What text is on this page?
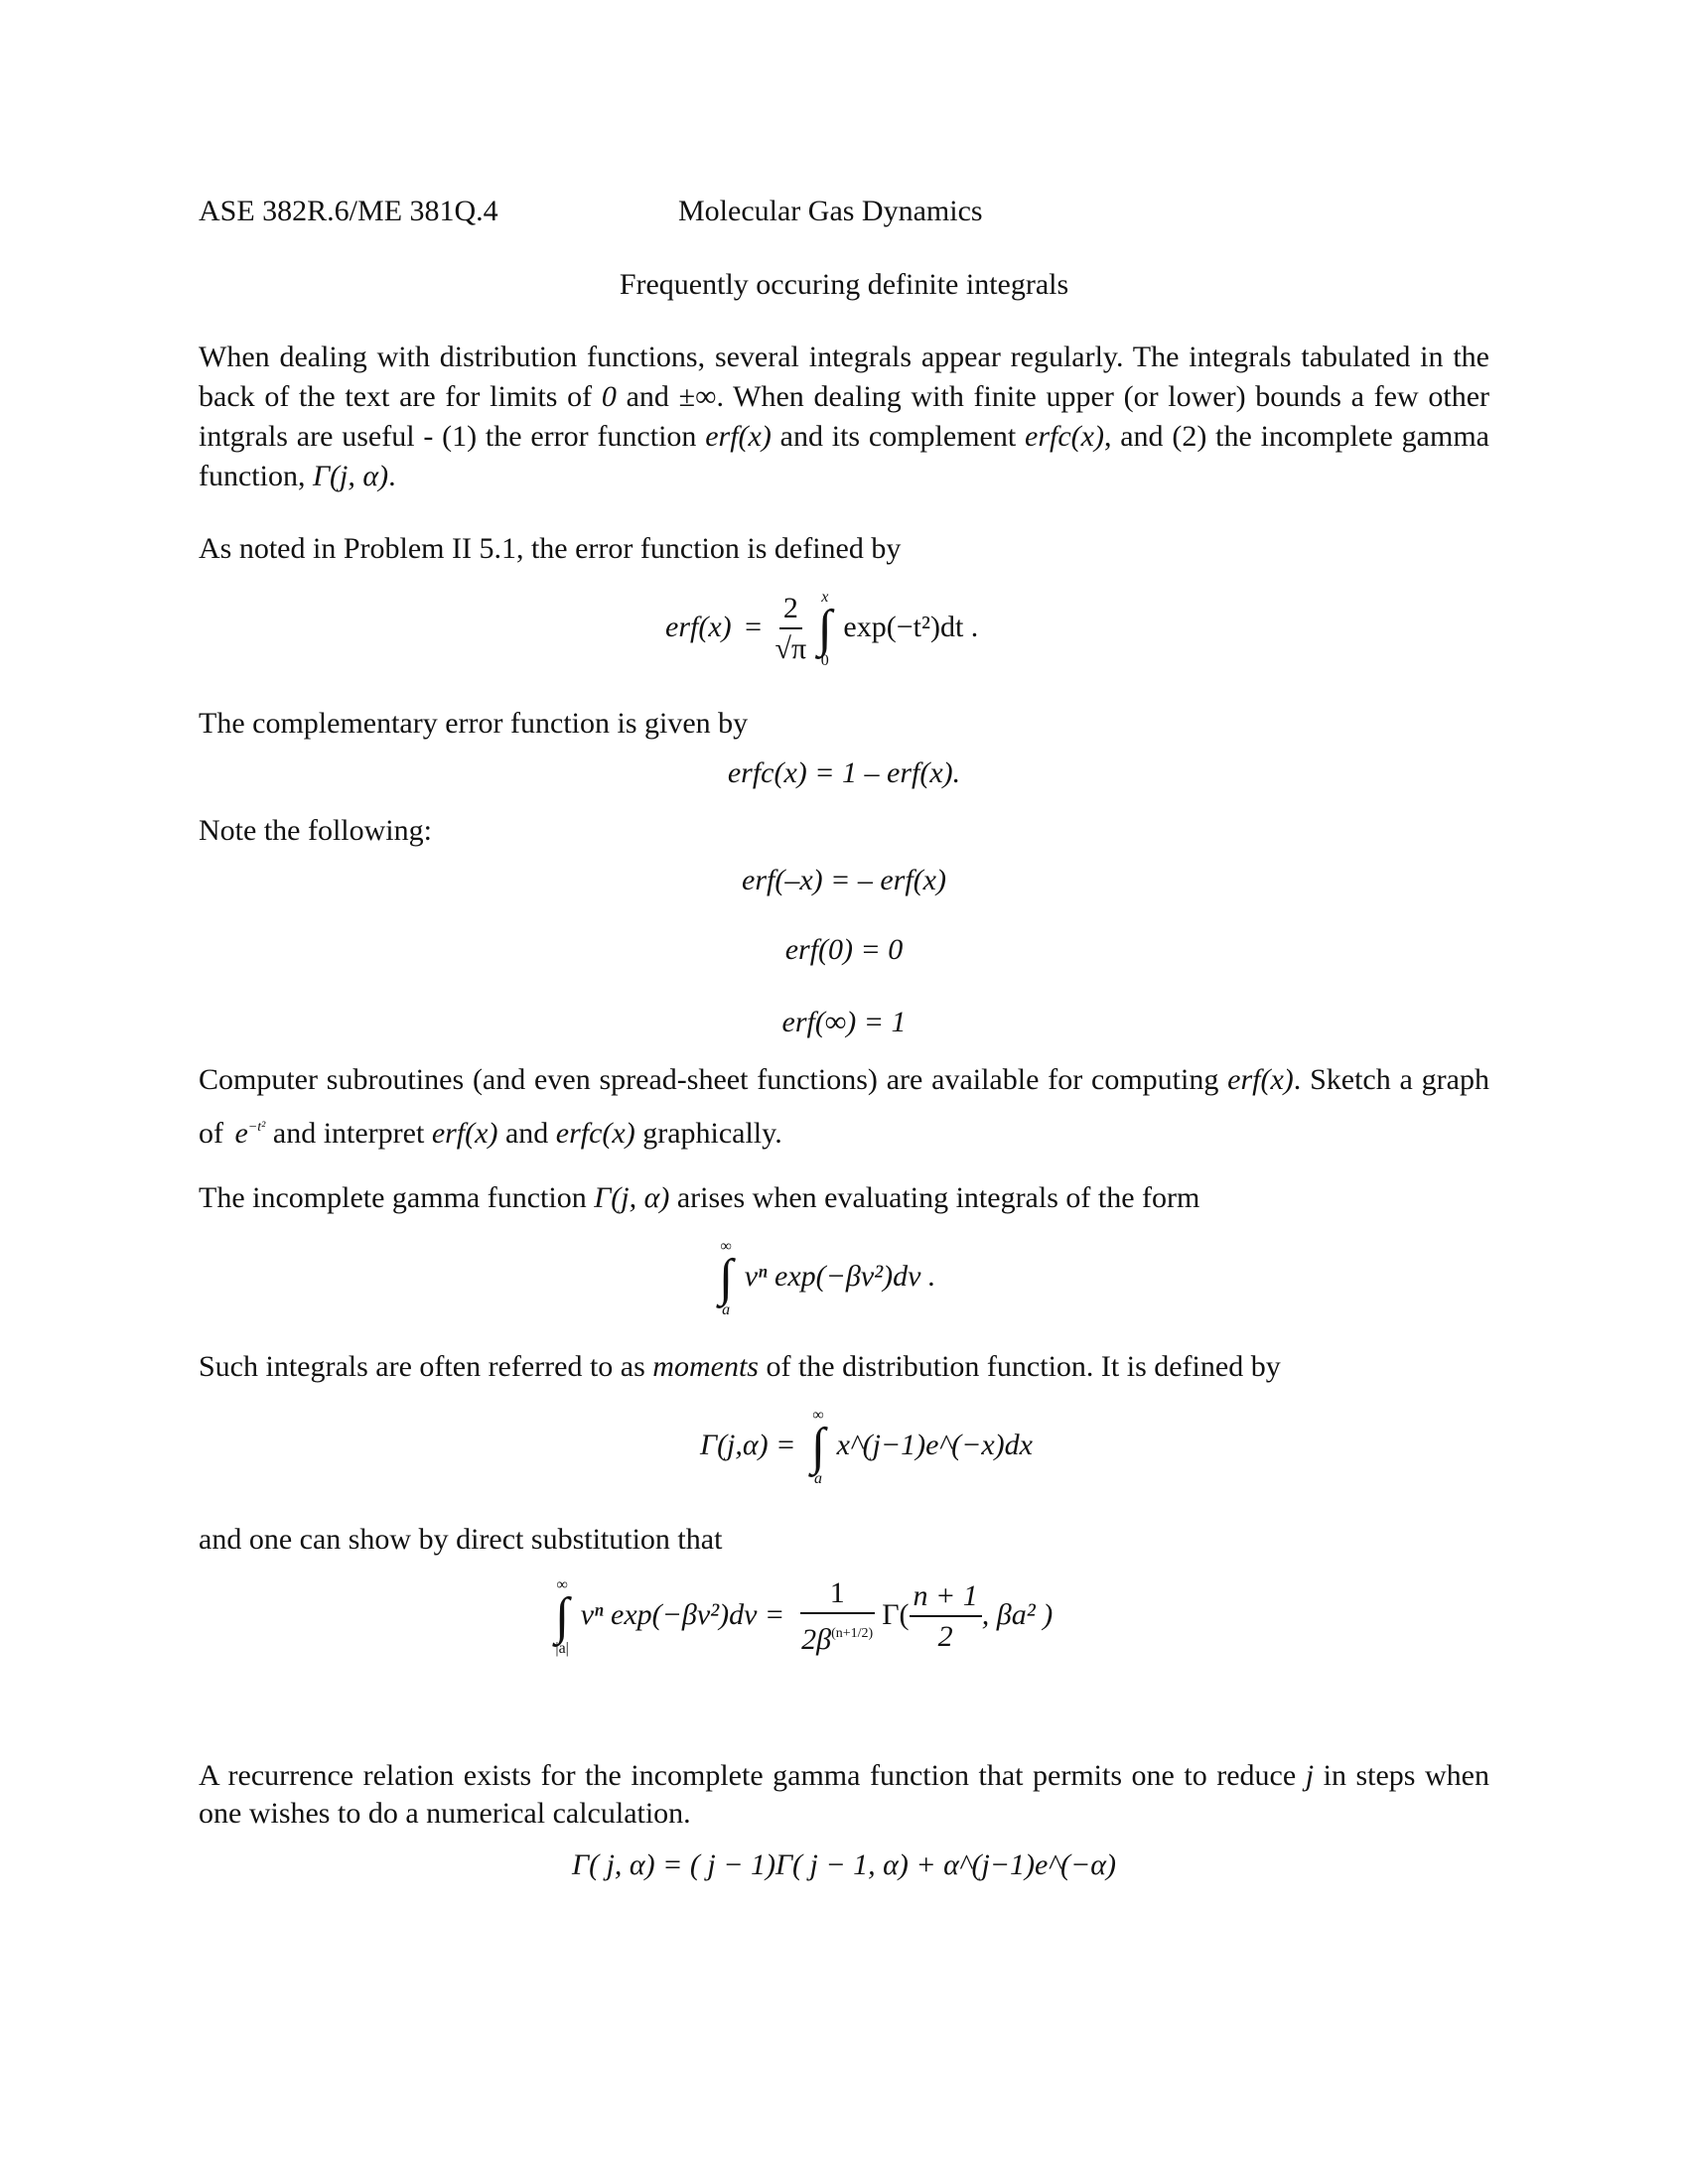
ASE 382R.6/ME 381Q.4	Molecular Gas Dynamics
Frequently occuring definite integrals
When dealing with distribution functions, several integrals appear regularly. The integrals tabulated in the back of the text are for limits of 0 and ±∞. When dealing with finite upper (or lower) bounds a few other intgrals are useful - (1) the error function erf(x) and its complement erfc(x), and (2) the incomplete gamma function, Γ(j, α).
As noted in Problem II 5.1, the error function is defined by
$erf(x) = \frac{2}{√\pi}$
x
∫
0
exp(−t²)dt .
The complementary error function is given by
erfc(x) = 1 – erf(x).
Note the following:
erf(–x) = – erf(x)
erf(0) = 0
erf(∞) = 1
Computer subroutines (and even spread-sheet functions) are available for computing erf(x). Sketch a graph of $e^{-t^2}$ and interpret erf(x) and erfc(x) graphically.
The incomplete gamma function Γ(j, α) arises when evaluating integrals of the form
∞
∫
a
vⁿ exp(−βv²)dv .
Such integrals are often referred to as moments of the distribution function. It is defined by
Γ(j,α) =
∞
∫
a
x^(j−1)e^(−x)dx
and one can show by direct substitution that
∞
∫
|a|
vⁿ $\exp(-\beta v^2)dv = \frac{1}{2\beta^{(n+1/2)}} \Gamma( \frac{n + 1}{2}$ , βa² )
A recurrence relation exists for the incomplete gamma function that permits one to reduce j in steps when one wishes to do a numerical calculation.
Γ( j, α) = ( j − 1)Γ( j − 1, α) + α^(j−1)e^(−α)
